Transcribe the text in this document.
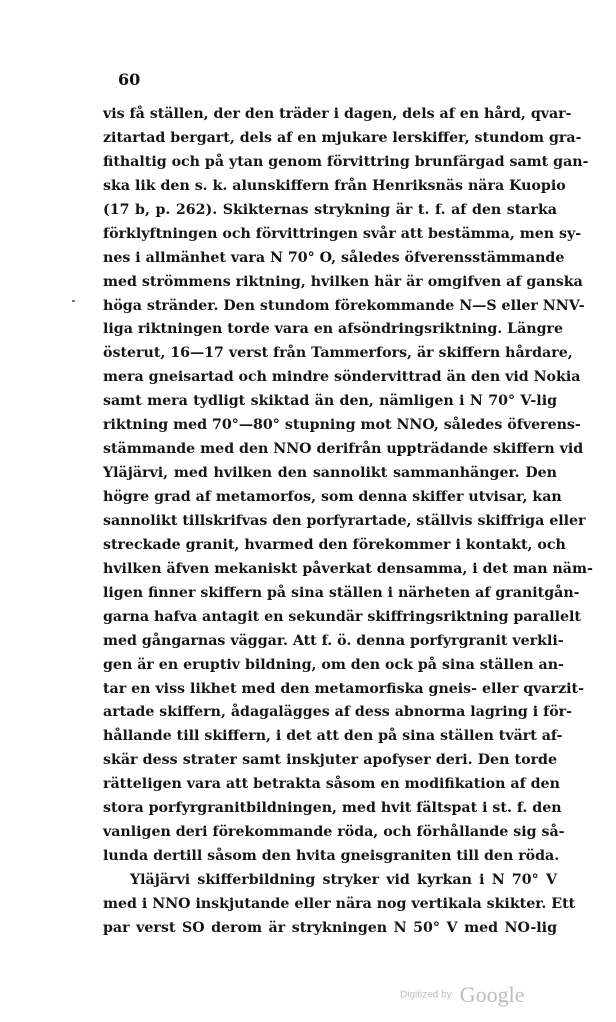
60
vis få ställen, der den träder i dagen, dels af en hård, qvar-
zitartad bergart, dels af en mjukare lerskiffer, stundom gra-
fithaltig och på ytan genom förvittring brunfärgad samt gan-
ska lik den s. k. alunskiffern från Henriksnäs nära Kuopio
(17 b, p. 262). Skikternas strykning är t. f. af den starka
förklyftningen och förvittringen svår att bestämma, men sy-
nes i allmänhet vara N 70° O, således öfverensstämmande
med strömmens riktning, hvilken här är omgifven af ganska
höga stränder. Den stundom förekommande N—S eller NNV-
liga riktningen torde vara en afsöndringsriktning. Längre
österut, 16—17 verst från Tammerfors, är skiffern hårdare,
mera gneisartad och mindre söndervittrad än den vid Nokia
samt mera tydligt skiktad än den, nämligen i N 70° V-lig
riktning med 70°—80° stupning mot NNO, således öfverens-
stämmande med den NNO derifrån uppträdande skiffern vid
Yläjärvi, med hvilken den sannolikt sammanhänger. Den
högre grad af metamorfos, som denna skiffer utvisar, kan
sannolikt tillskrifvas den porfyrartade, ställvis skiffriga eller
streckade granit, hvarmed den förekommer i kontakt, och
hvilken äfven mekaniskt påverkat densamma, i det man näm-
ligen finner skiffern på sina ställen i närheten af granitgån-
garna hafva antagit en sekundär skiffringsriktning parallelt
med gångarnas väggar. Att f. ö. denna porfyrgranit verkli-
gen är en eruptiv bildning, om den ock på sina ställen an-
tar en viss likhet med den metamorfiska gneis- eller qvarzit-
artade skiffern, ådagalägges af dess abnorma lagring i för-
hållande till skiffern, i det att den på sina ställen tvärt af-
skär dess strater samt inskjuter apofyser deri. Den torde
rätteligen vara att betrakta såsom en modifikation af den
stora porfyrgranitbildningen, med hvit fältspat i st. f. den
vanligen deri förekommande röda, och förhållande sig så-
lunda dertill såsom den hvita gneisgraniten till den röda.
Yläjärvi skifferbildning stryker vid kyrkan i N 70° V
med i NNO inskjutande eller nära nog vertikala skikter. Ett
par verst SO derom är strykningen N 50° V med NO-lig
Digitized by Google
